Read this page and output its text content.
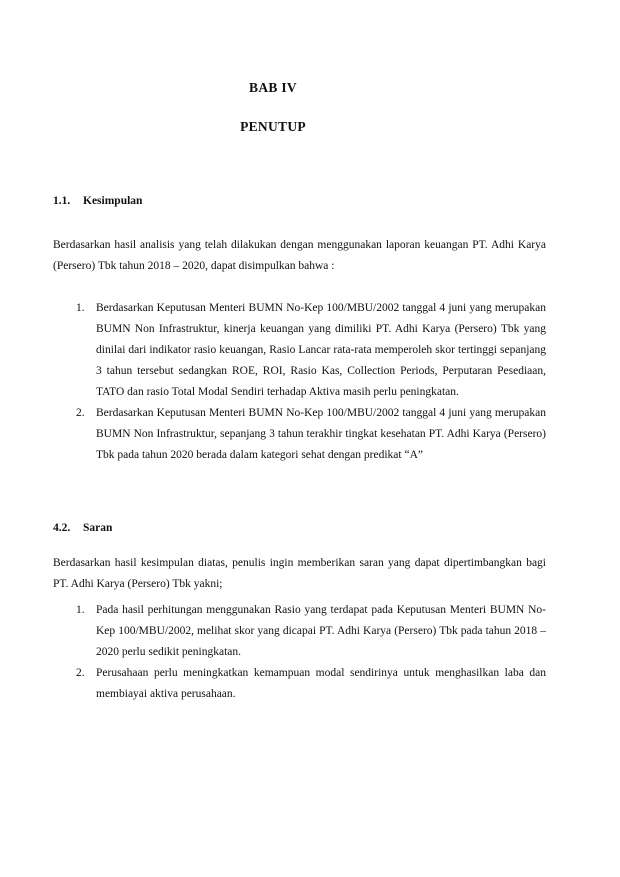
BAB IV
PENUTUP
1.1. Kesimpulan
Berdasarkan hasil analisis yang telah dilakukan dengan menggunakan laporan keuangan PT. Adhi Karya (Persero) Tbk tahun 2018 – 2020, dapat disimpulkan bahwa :
1. Berdasarkan Keputusan Menteri BUMN No-Kep 100/MBU/2002 tanggal 4 juni yang merupakan BUMN Non Infrastruktur, kinerja keuangan yang dimiliki PT. Adhi Karya (Persero) Tbk yang dinilai dari indikator rasio keuangan, Rasio Lancar rata-rata memperoleh skor tertinggi sepanjang 3 tahun tersebut sedangkan ROE, ROI, Rasio Kas, Collection Periods, Perputaran Pesediaan, TATO dan rasio Total Modal Sendiri terhadap Aktiva masih perlu peningkatan.
2. Berdasarkan Keputusan Menteri BUMN No-Kep 100/MBU/2002 tanggal 4 juni yang merupakan BUMN Non Infrastruktur, sepanjang 3 tahun terakhir tingkat kesehatan PT. Adhi Karya (Persero) Tbk pada tahun 2020 berada dalam kategori sehat dengan predikat “A”
4.2. Saran
Berdasarkan hasil kesimpulan diatas, penulis ingin memberikan saran yang dapat dipertimbangkan bagi PT. Adhi Karya (Persero) Tbk yakni;
1. Pada hasil perhitungan menggunakan Rasio yang terdapat pada Keputusan Menteri BUMN No-Kep 100/MBU/2002, melihat skor yang dicapai PT. Adhi Karya (Persero) Tbk pada tahun 2018 – 2020 perlu sedikit peningkatan.
2. Perusahaan perlu meningkatkan kemampuan modal sendirinya untuk menghasilkan laba dan membiayai aktiva perusahaan.
